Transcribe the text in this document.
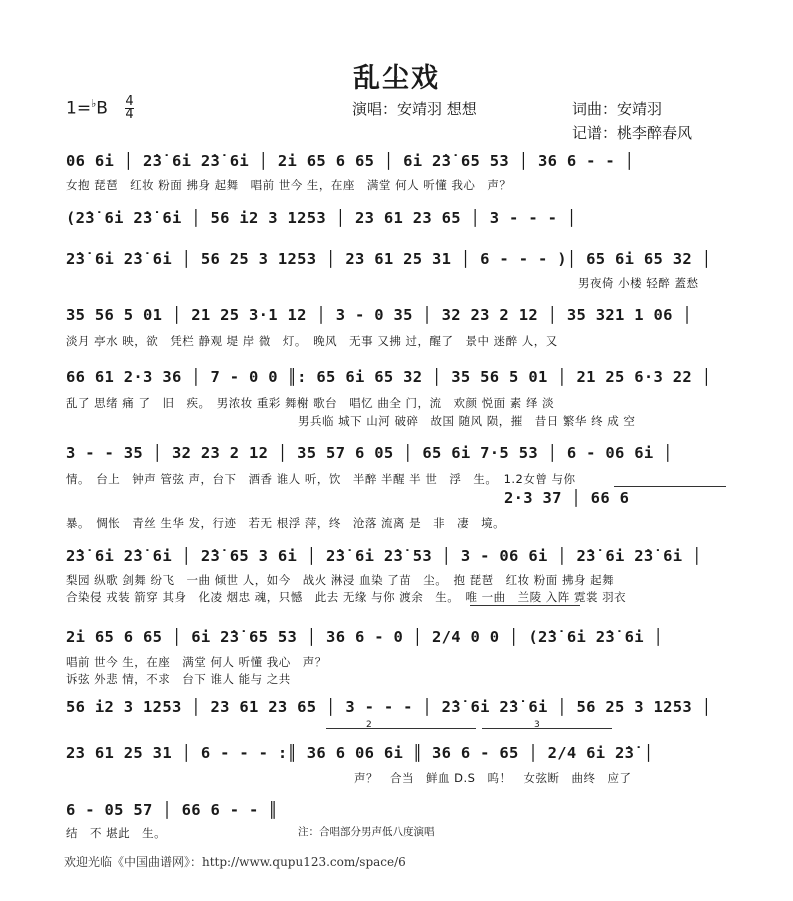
乱尘戏
$1=^♭B \frac{4}{4}$	演唱：安靖羽 想想	词曲：安靖羽
记谱：桃李醉春风
06 6i │ 2̇3̇ 6i 2̇3̇ 6i │ 2i 65 6 65 │ 6i 2̇3̇ 65 53 │ 36 6 - - │
女抱 琵琶　红妆 粉面 拂身 起舞　唱前 世今 生，在座　满堂 何人 听懂 我心　声？
(2̇3̇ 6i 2̇3̇ 6i │ 56 i2 3 1253 │ 23 61 23 65 │ 3 - - - │
2̇3̇ 6i 2̇3̇ 6i │ 56 25 3 1253 │ 23 61 25 31 │ 6 - - - )│ 65 6i 65 32 │
男夜倚 小楼 轻醉 蓋愁
35 56 5 01 │ 21 25 3·1 12 │ 3 - 0 35 │ 32 23 2 12 │ 35 321 1 06 │
淡月 亭水 映，欲　凭栏 静观 堤 岸 微　灯。　晚风　无事 又拂 过，醒了　景中 迷醉 人，又
66 61 2·3 36 │ 7 - 0 0 ║: 65 6i 65 32 │ 35 56 5 01 │ 21 25 6·3 22 │
乱了 思绪 痛 了　旧　疾。　男浓妆 重彩 舞榭 歌台　唱忆 曲全 门，流　欢颜 悦面 素 绎 淡
男兵临 城下 山河 破碎　故国 随风 陨，摧　昔日 繁华 终 成 空
3 - - 35 │ 32 23 2 12 │ 35 57 6 05 │ 65 6i 7·5 53 │ 6 - 06 6i │
情。　台上　钟声 管弦 声，台下　酒香 谁人 听，饮　半醉 半醒 半 世　浮　生。　1.2女曾 与你
2·3 37 │ 66 6
暴。　惆怅　青丝 生华 发，行迹　若无 根浮 萍，终　沧落 流离 是　非　凄　境。
2̇3̇ 6i 2̇3̇ 6i │ 2̇3̇ 65 3 6i │ 2̇3̇ 6i 2̇3̇ 53 │ 3 - 06 6i │ 2̇3̇ 6i 2̇3̇ 6i │
梨园 纵歌 剑舞 纷飞　一曲 倾世 人，如今　战火 淋浸 血染 了苗　尘。　抱 琵琶　红妆 粉面 拂身 起舞
合染侵 戎装 箭穿 其身　化凌 烟忠 魂，只憾　此去 无缘 与你 渡余　生。　唯 一曲　兰陵 入阵 霓裳 羽衣
2i 65 6 65 │ 6i 2̇3̇ 65 53 │ 36 6 - 0 │ 2/4 0 0 │ (2̇3̇ 6i 2̇3̇ 6i │
唱前 世今 生，在座　满堂 何人 听懂 我心　声？
诉弦 外悲 情，不求　台下 谁人 能与 之共
56 i2 3 1253 │ 23 61 23 65 │ 3 - - - │ 2̇3̇ 6i 2̇3̇ 6i │ 56 25 3 1253 │
2	3
23 61 25 31 │ 6 - - - :║ 36 6 06 6i ║ 36 6 - 65 │ 2/4 6i 2̇3̇ │
声？　合当　鲜血 D.S　呜！　女弦断　曲终　应了
6 - 05 57 │ 66 6 - - ║
结　不 堪此　生。	注：合唱部分男声低八度演唱
欢迎光临《中国曲谱网》：http://www.qupu123.com/space/6
